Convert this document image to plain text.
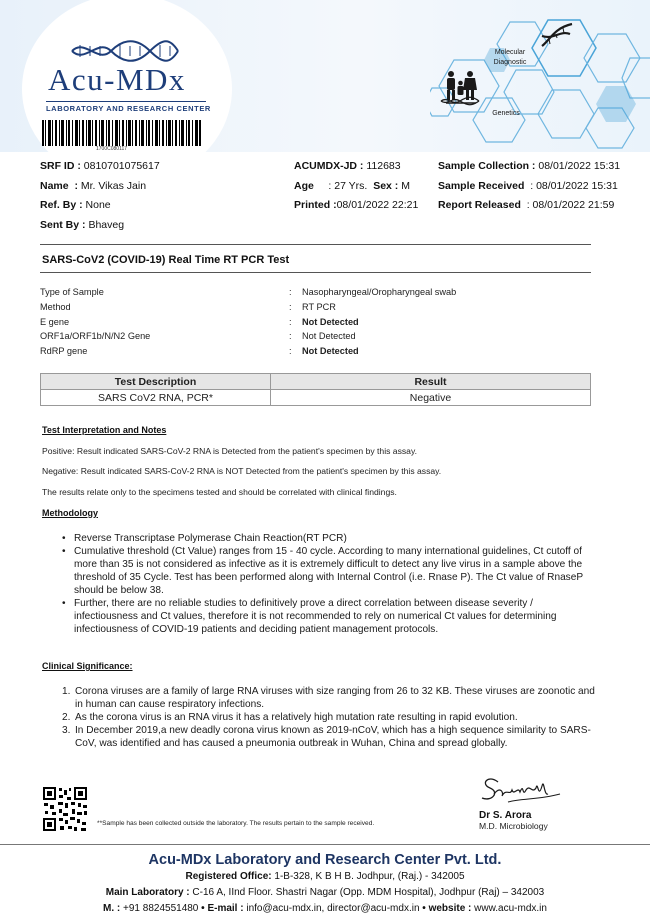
Acu-MDx
LABORATORY AND RESEARCH CENTER
1700C080117
Molecular
Diagnostic
Genetics
SRF ID : 0810701075617
Name : Mr. Vikas Jain
Ref. By : None
Sent By : Bhaveg
ACUMDX-JD : 112683
Age     : 27 Yrs. Sex : M
Printed :08/01/2022 22:21
Sample Collection : 08/01/2022 15:31
Sample Received  : 08/01/2022 15:31
Report Released  : 08/01/2022 21:59
SARS-CoV2 (COVID-19) Real Time RT PCR Test
Type of Sample	: Nasopharyngeal/Oropharyngeal swab
Method	: RT PCR
E gene	: Not Detected
ORF1a/ORF1b/N/N2 Gene	: Not Detected
RdRP gene	: Not Detected
Test Description	Result
SARS CoV2 RNA, PCR*	Negative
Test Interpretation and Notes
Positive: Result indicated SARS-CoV-2 RNA is Detected from the patient's specimen by this assay.
Negative: Result indicated SARS-CoV-2 RNA is NOT Detected from the patient's specimen by this assay.
The results relate only to the specimens tested and should be correlated with clinical findings.
Methodology
• Reverse Transcriptase Polymerase Chain Reaction(RT PCR)
• Cumulative threshold (Ct Value) ranges from 15 - 40 cycle. According to many international guidelines, Ct cutoff of more than 35 is not considered as infective as it is extremely difficult to detect any live virus in a sample above the threshold of 35 Cycle. Test has been performed along with Internal Control (i.e. Rnase P). The Ct value of RnaseP should be below 38.
• Further, there are no reliable studies to definitively prove a direct correlation between disease severity / infectiousness and Ct values, therefore it is not recommended to rely on numerical Ct values for determining infectiousness of COVID-19 patients and deciding patient management protocols.
Clinical Significance:
1. Corona viruses are a family of large RNA viruses with size ranging from 26 to 32 KB. These viruses are zoonotic and in human can cause respiratory infections.
2. As the corona virus is an RNA virus it has a relatively high mutation rate resulting in rapid evolution.
3. In December 2019,a new deadly corona virus known as 2019-nCoV, which has a high sequence similarity to SARS-CoV, was identified and has caused a pneumonia outbreak in Wuhan, China and spread globally.
**Sample has been collected outside the laboratory. The results pertain to the sample received.
Dr S. Arora
M.D. Microbiology
Acu-MDx Laboratory and Research Center Pvt. Ltd.
Registered Office: 1-B-328, K B H B. Jodhpur, (Raj.) - 342005
Main Laboratory : C-16 A, IInd Floor. Shastri Nagar (Opp. MDM Hospital), Jodhpur (Raj) – 342003
M. : +91 8824551480 • E-mail : info@acu-mdx.in, director@acu-mdx.in • website : www.acu-mdx.in
